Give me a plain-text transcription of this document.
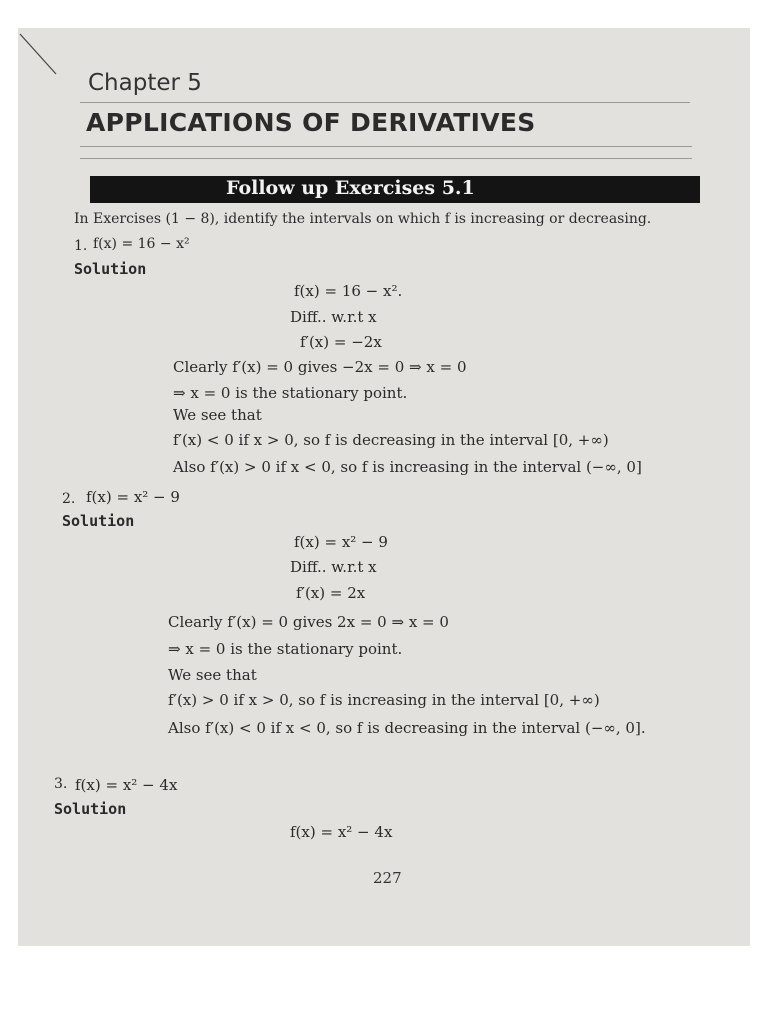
Chapter 5
APPLICATIONS OF DERIVATIVES
Follow up Exercises 5.1
In Exercises (1 − 8), identify the intervals on which f is increasing or decreasing.
1. f(x) = 16 − x²
Solution
f(x) = 16 − x².
Diff.. w.r.t x
f′(x) = −2x
Clearly f′(x) = 0 gives −2x = 0 ⇒ x = 0
⇒ x = 0 is the stationary point.
We see that
f′(x) < 0 if x > 0, so f is decreasing in the interval [0, +∞)
Also f′(x) > 0 if x < 0, so f is increasing in the interval (−∞, 0]
2. f(x) = x² − 9
Solution
f(x) = x² − 9
Diff.. w.r.t x
f′(x) = 2x
Clearly f′(x) = 0 gives 2x = 0 ⇒ x = 0
⇒ x = 0 is the stationary point.
We see that
f′(x) > 0 if x > 0, so f is increasing in the interval [0, +∞)
Also f′(x) < 0 if x < 0, so f is decreasing in the interval (−∞, 0].
3. f(x) = x² − 4x
Solution
f(x) = x² − 4x
227
